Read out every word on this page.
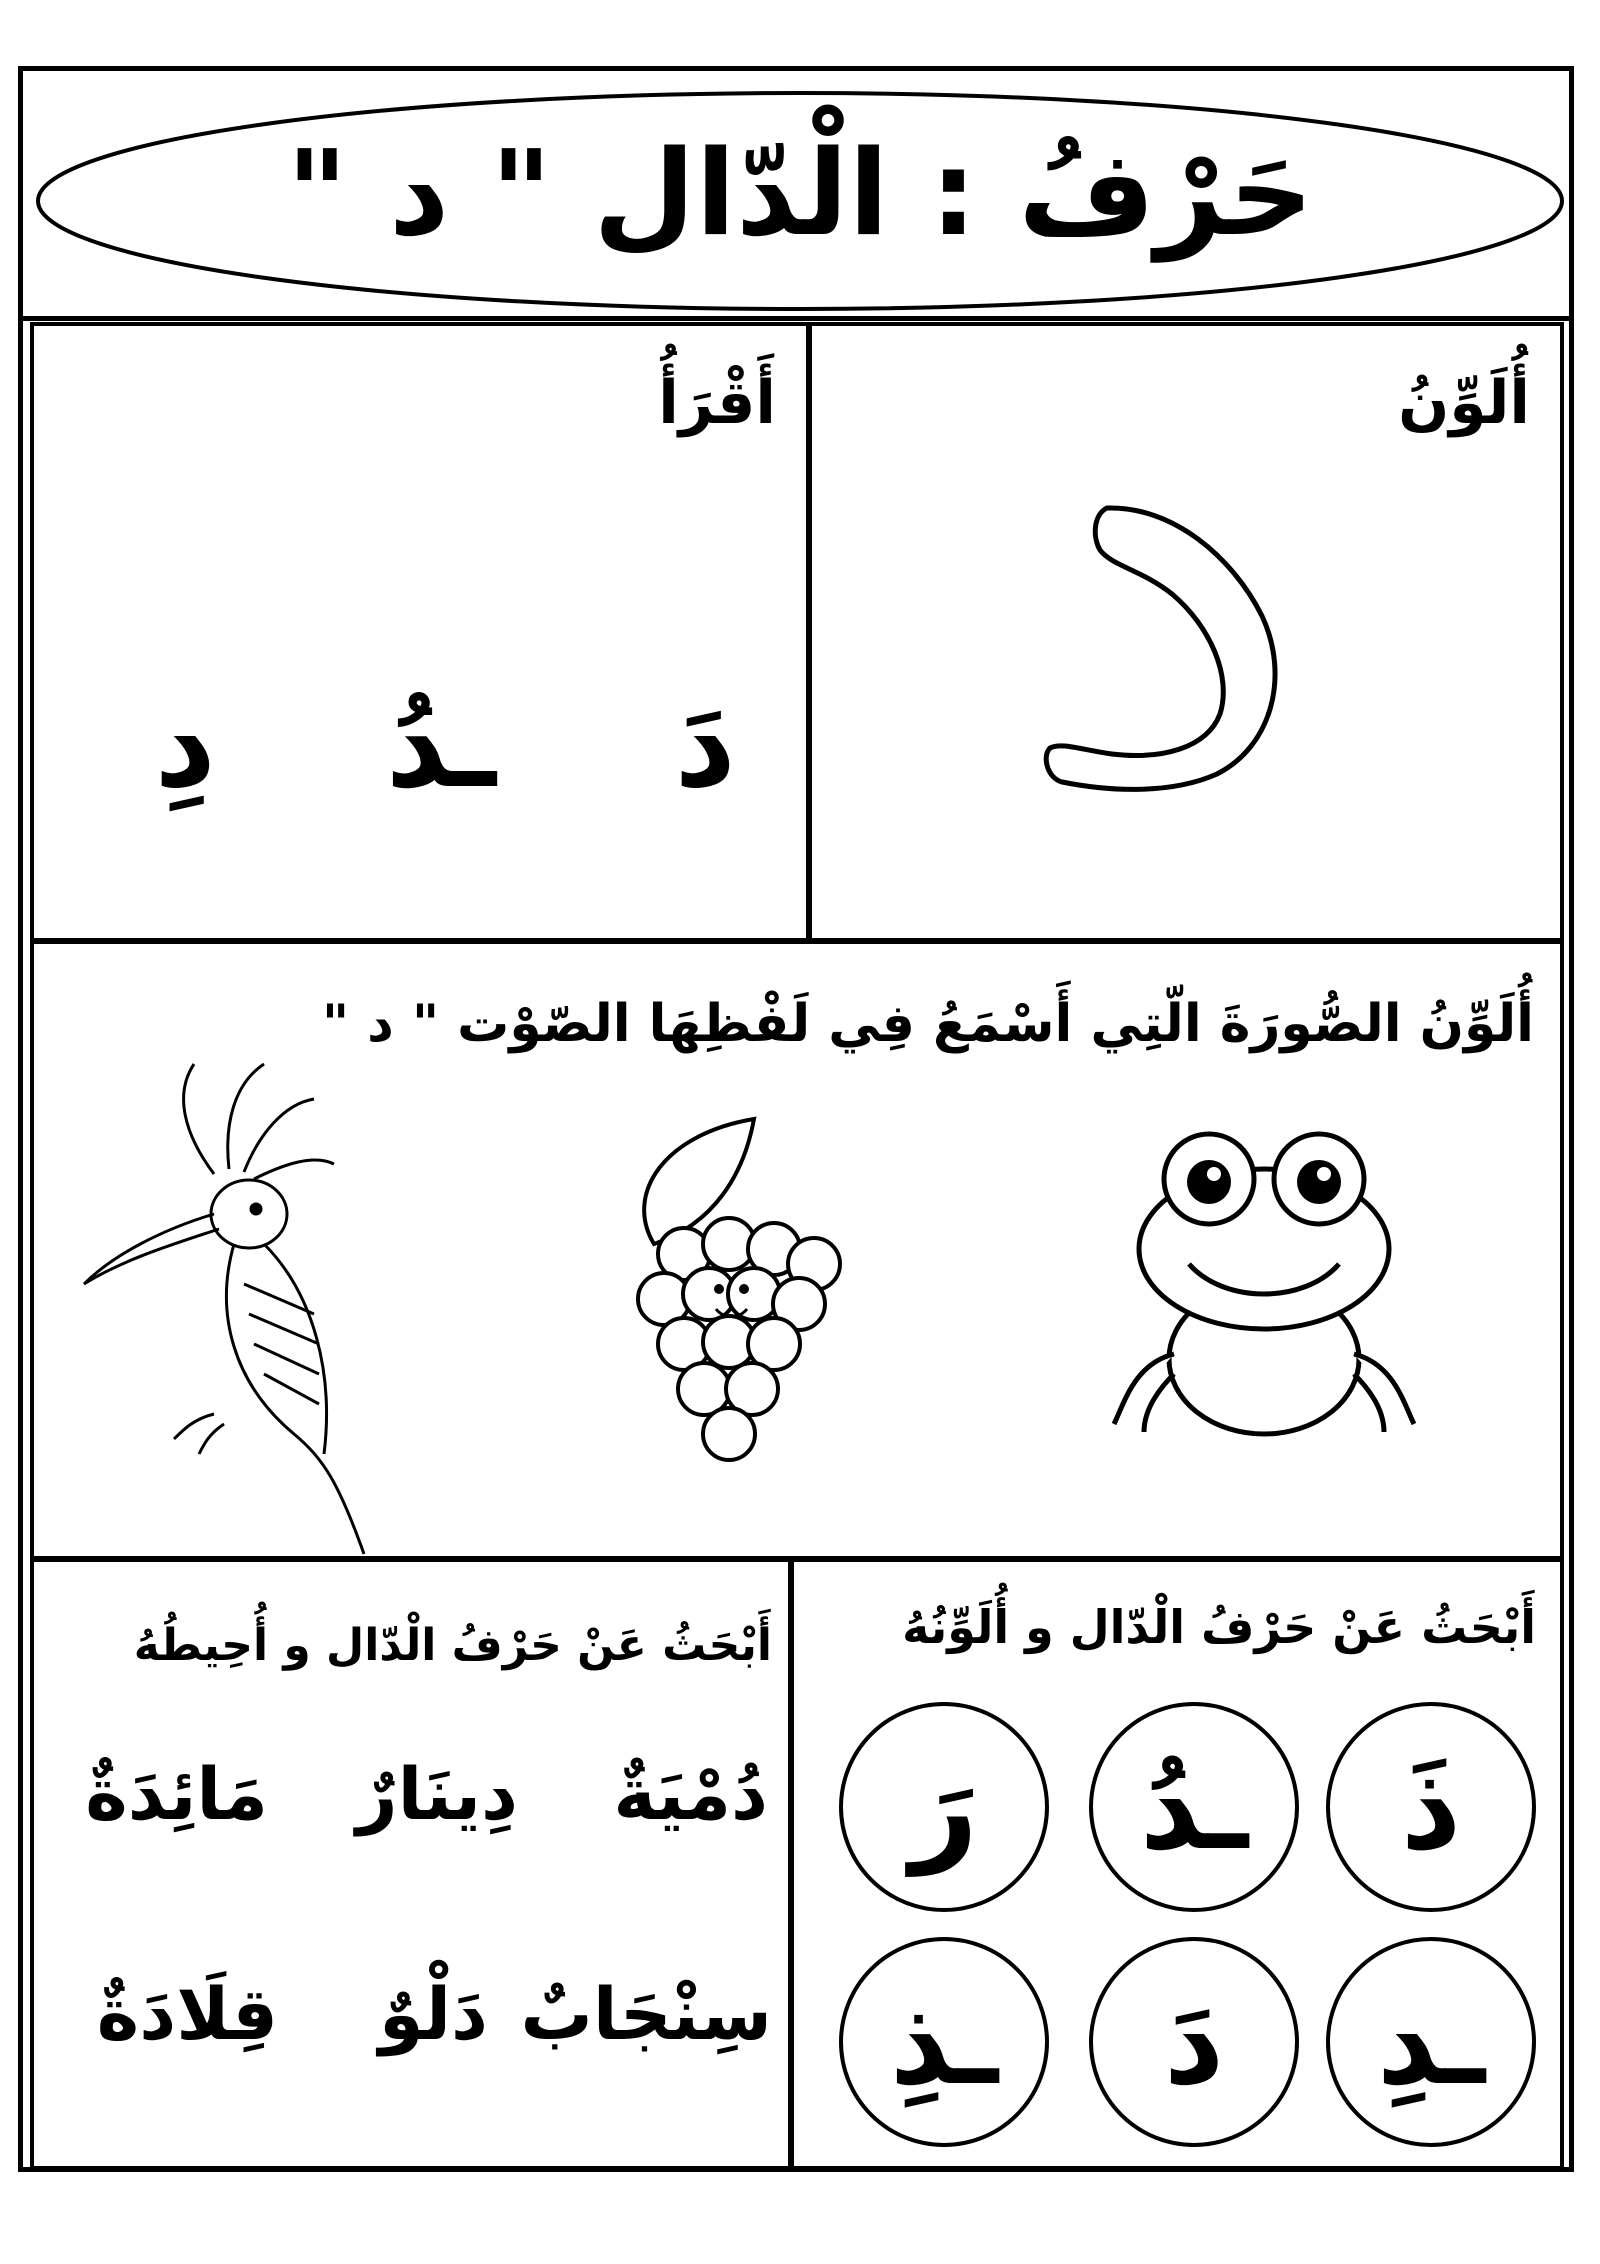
حَرْفُ : الْدّال " د "
أُلَوِّنُ
أَقْرَأُ
دَ
ـدُ
دِ
أُلَوِّنُ الصُّورَةَ الّتِي أَسْمَعُ فِي لَفْظِهَا الصّوْت " د "
أَبْحَثُ عَنْ حَرْفُ الْدّال و أُلَوِّنُهُ
ذَ
ـدُ
رَ
ـدِ
دَ
ـذِ
أَبْحَثُ عَنْ حَرْفُ الْدّال و أُحِيطُهُ
دُمْيَةٌ
دِينَارٌ
مَائِدَةٌ
سِنْجَابٌ
دَلْوٌ
قِلَادَةٌ
